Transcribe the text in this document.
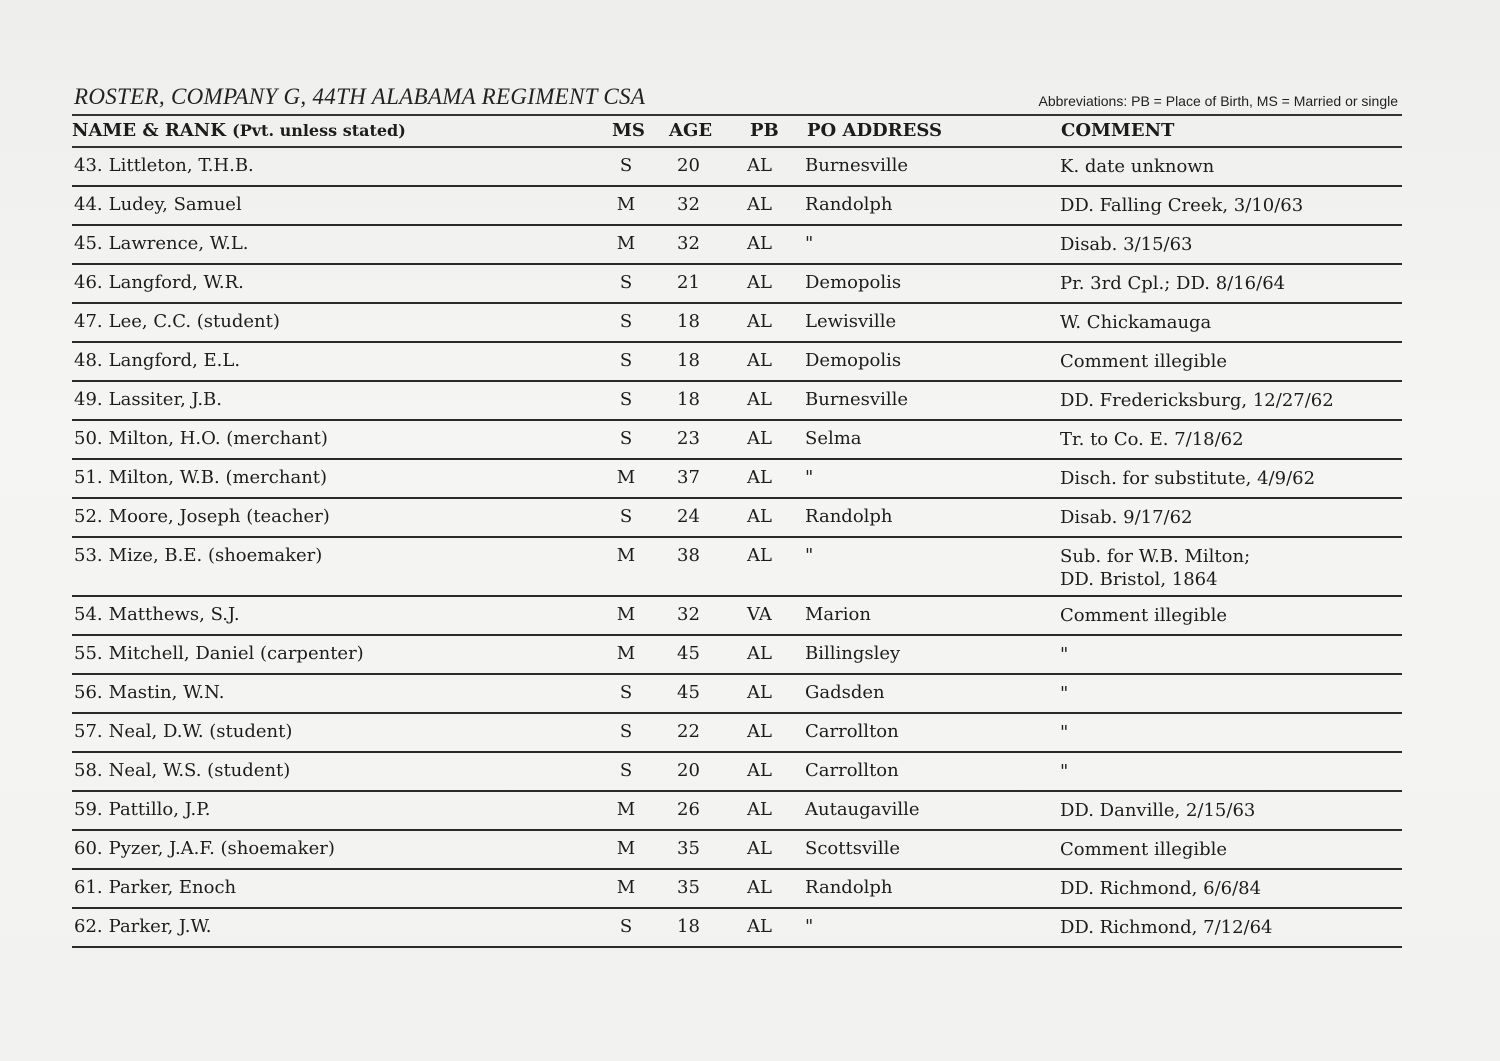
ROSTER, COMPANY G, 44TH ALABAMA REGIMENT CSA	Abbreviations: PB = Place of Birth, MS = Married or single
NAME & RANK (Pvt. unless stated)	MS AGE PB PO ADDRESS	COMMENT
43. Littleton, T.H.B.	S 20	AL Burnesville	K. date unknown
44. Ludey, Samuel	M 32	AL Randolph	DD. Falling Creek, 3/10/63
45. Lawrence, W.L.	M 32	AL "	Disab. 3/15/63
46. Langford, W.R.	S 21	AL Demopolis	Pr. 3rd Cpl.; DD. 8/16/64
47. Lee, C.C. (student)	S 18	AL Lewisville	W. Chickamauga
48. Langford, E.L.	S 18	AL Demopolis	Comment illegible
49. Lassiter, J.B.	S 18	AL Burnesville	DD. Fredericksburg, 12/27/62
50. Milton, H.O. (merchant)	S 23	AL Selma	Tr. to Co. E. 7/18/62
51. Milton, W.B. (merchant)	M 37	AL "	Disch. for substitute, 4/9/62
52. Moore, Joseph (teacher)	S 24	AL Randolph	Disab. 9/17/62
53. Mize, B.E. (shoemaker)	M 38	AL "	Sub. for W.B. Milton;
DD. Bristol, 1864
54. Matthews, S.J.	M 32	VA Marion	Comment illegible
55. Mitchell, Daniel (carpenter)	M 45	AL Billingsley	"
56. Mastin, W.N.	S 45	AL Gadsden	"
57. Neal, D.W. (student)	S 22	AL Carrollton	"
58. Neal, W.S. (student)	S 20	AL Carrollton	"
59. Pattillo, J.P.	M 26	AL Autaugaville	DD. Danville, 2/15/63
60. Pyzer, J.A.F. (shoemaker)	M 35	AL Scottsville	Comment illegible
61. Parker, Enoch	M 35	AL Randolph	DD. Richmond, 6/6/84
62. Parker, J.W.	S 18	AL "	DD. Richmond, 7/12/64
